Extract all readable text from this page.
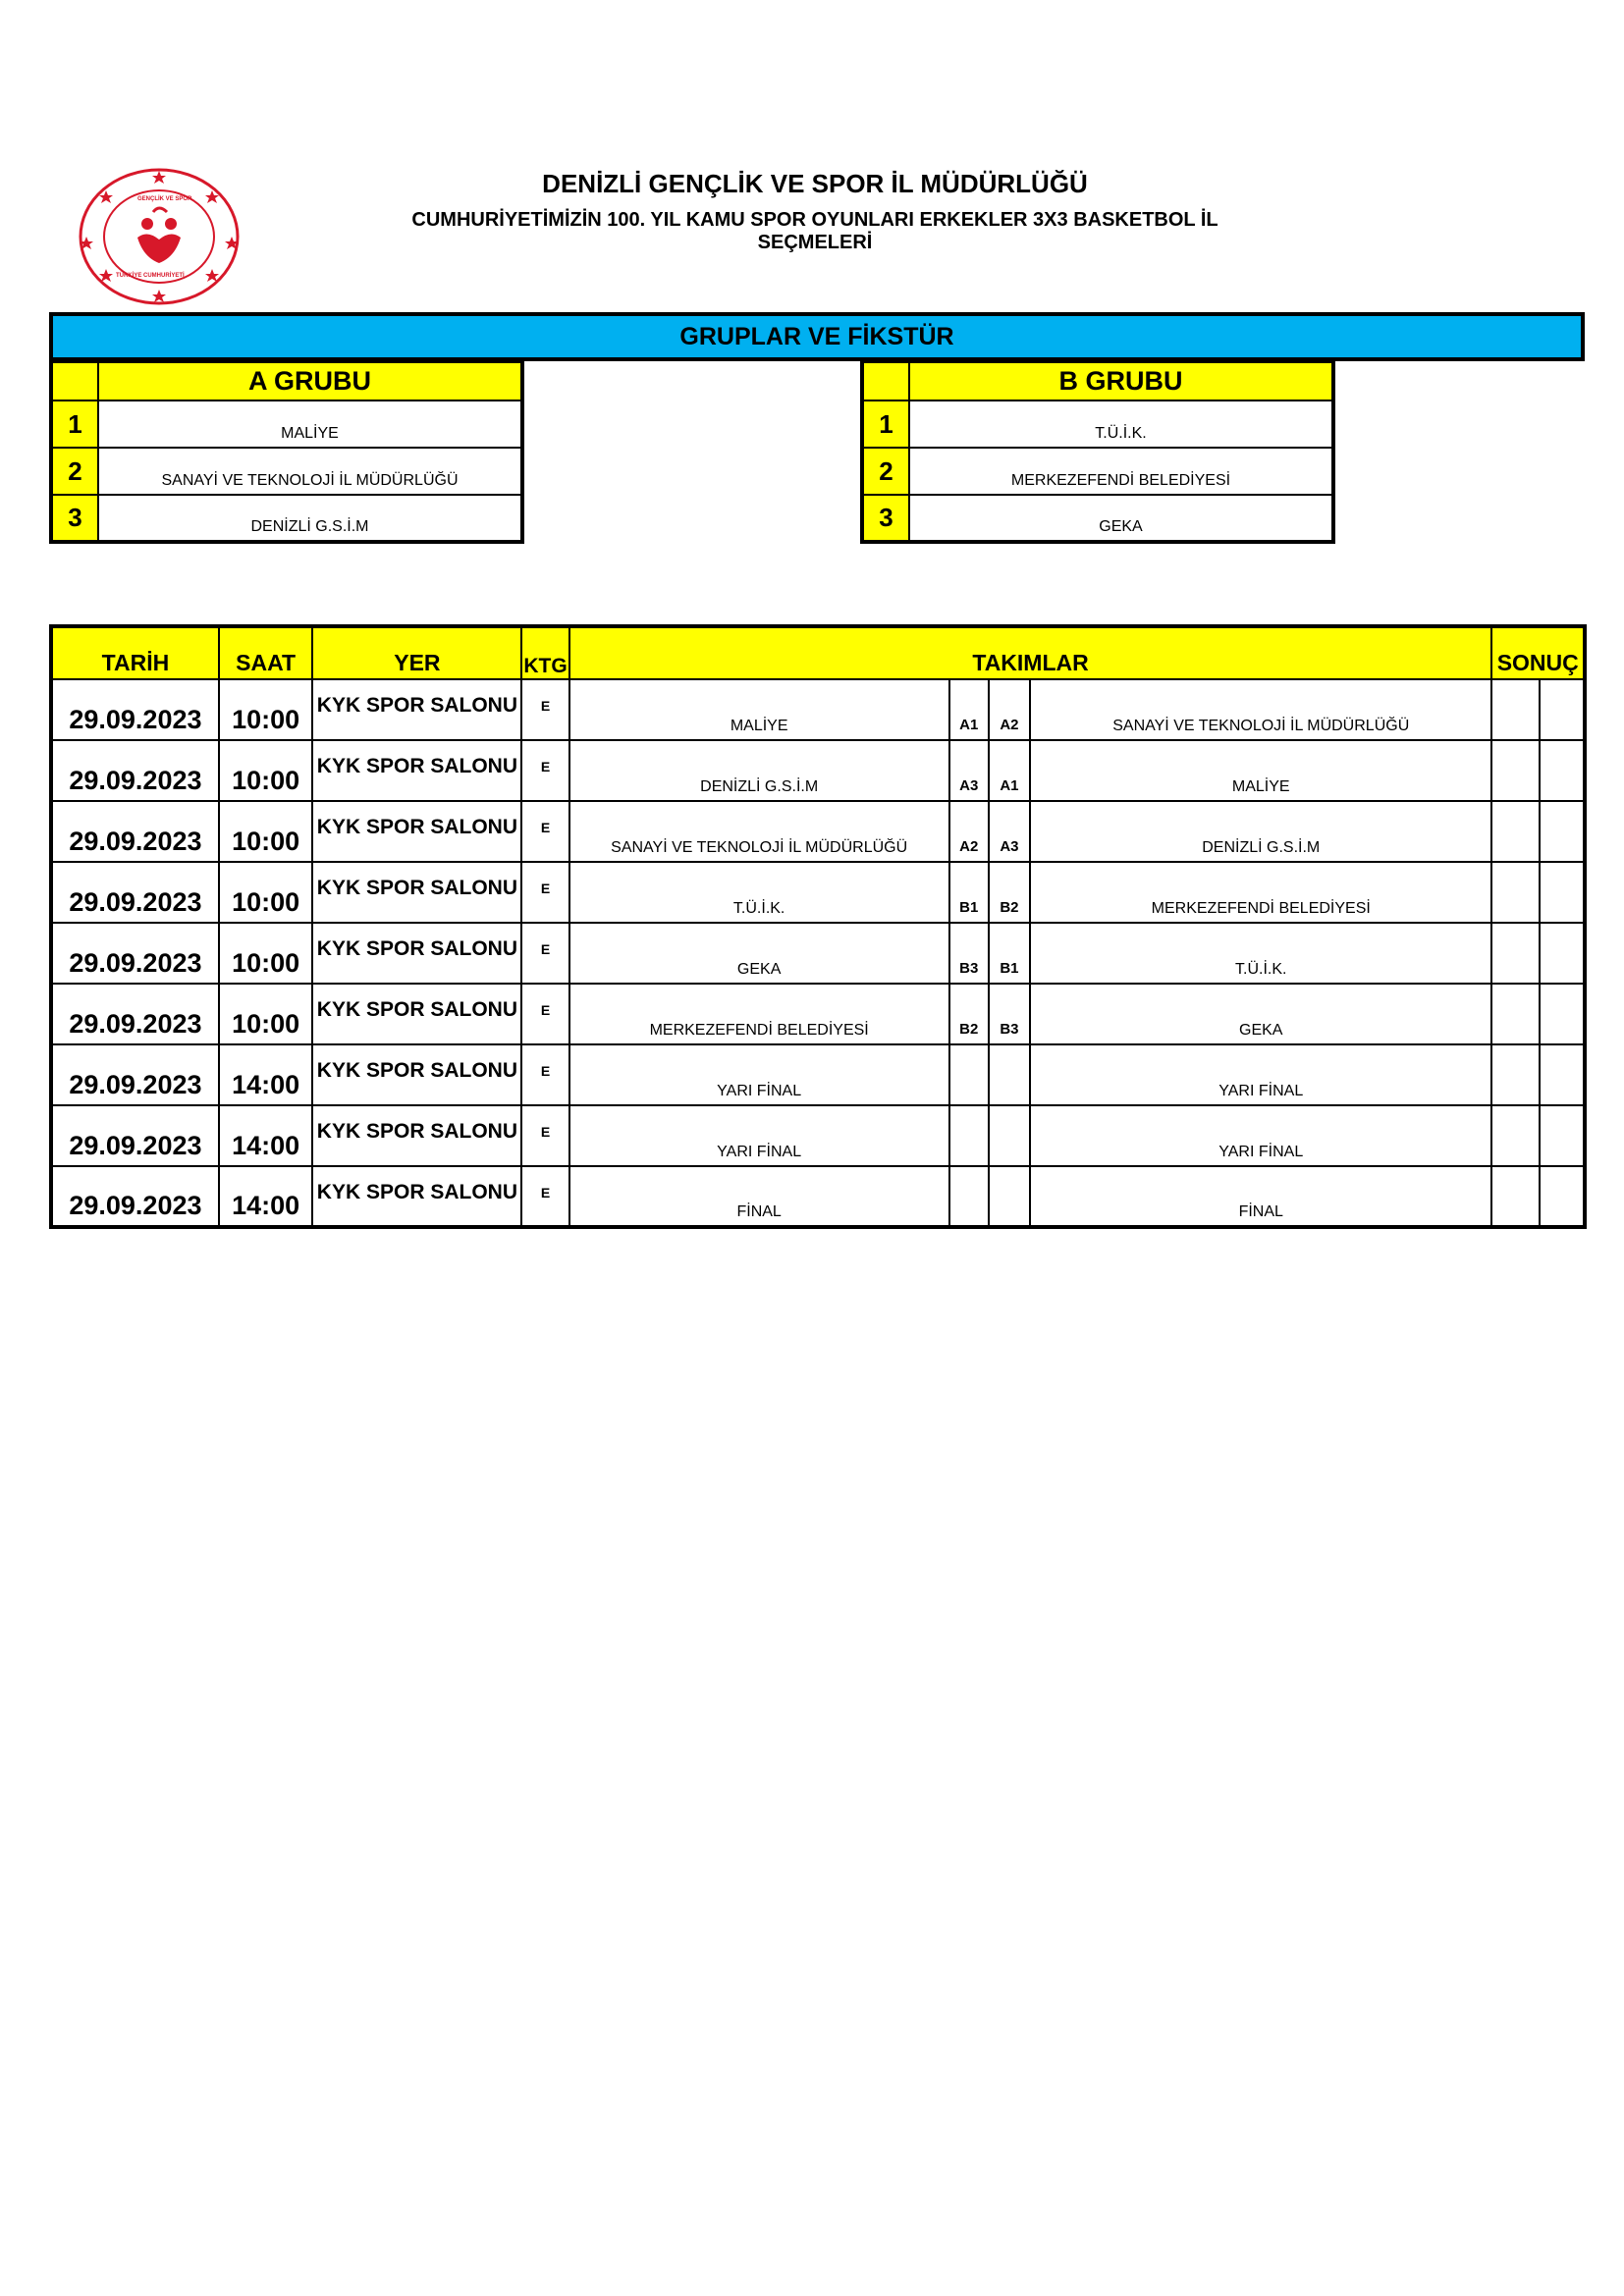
GENÇLİK VE SPOR
TÜRKİYE CUMHURİYETİ
DENİZLİ GENÇLİK VE SPOR İL MÜDÜRLÜĞÜ
CUMHURİYETİMİZİN 100. YIL KAMU SPOR OYUNLARI ERKEKLER 3X3 BASKETBOL İL SEÇMELERİ
GRUPLAR VE FİKSTÜR
	A GRUBU
1	MALİYE
2	SANAYİ VE TEKNOLOJİ İL MÜDÜRLÜĞÜ
3	DENİZLİ G.S.İ.M
	B GRUBU
1	T.Ü.İ.K.
2	MERKEZEFENDİ BELEDİYESİ
3	GEKA
TARİH	SAAT	YER	KTG	TAKIMLAR				SONUÇ	
29.09.2023	10:00	KYK SPOR SALONU	E	MALİYE	A1	A2	SANAYİ VE TEKNOLOJİ İL MÜDÜRLÜĞÜ		
29.09.2023	10:00	KYK SPOR SALONU	E	DENİZLİ G.S.İ.M	A3	A1	MALİYE		
29.09.2023	10:00	KYK SPOR SALONU	E	SANAYİ VE TEKNOLOJİ İL MÜDÜRLÜĞÜ	A2	A3	DENİZLİ G.S.İ.M		
29.09.2023	10:00	KYK SPOR SALONU	E	T.Ü.İ.K.	B1	B2	MERKEZEFENDİ BELEDİYESİ		
29.09.2023	10:00	KYK SPOR SALONU	E	GEKA	B3	B1	T.Ü.İ.K.		
29.09.2023	10:00	KYK SPOR SALONU	E	MERKEZEFENDİ BELEDİYESİ	B2	B3	GEKA		
29.09.2023	14:00	KYK SPOR SALONU	E	YARI FİNAL			YARI FİNAL		
29.09.2023	14:00	KYK SPOR SALONU	E	YARI FİNAL			YARI FİNAL		
29.09.2023	14:00	KYK SPOR SALONU	E	FİNAL			FİNAL		
